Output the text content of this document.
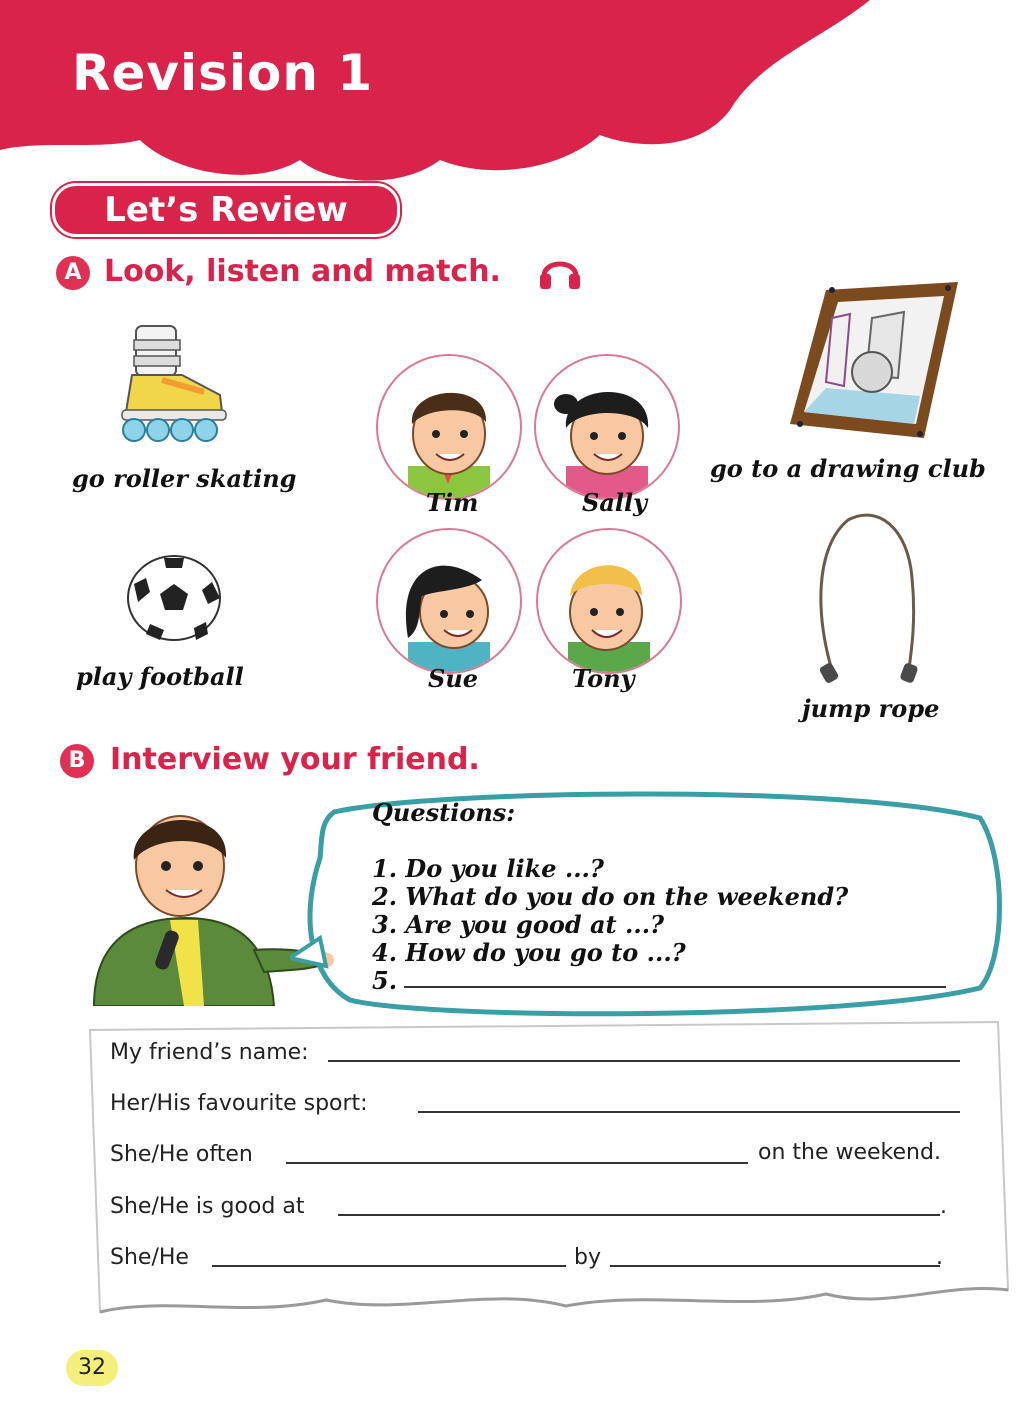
Revision 1
Let’s Review
A Look, listen and match.
go roller skating
play football
Tim	Sally
Sue	Tony
go to a drawing club
jump rope
B Interview your friend.
Questions:
1. Do you like ...?
2. What do you do on the weekend?
3. Are you good at ...?
4. How do you go to ...?
5.
My friend’s name:
Her/His favourite sport:
She/He often	on the weekend.
She/He is good at	.
She/He	by	.
32
